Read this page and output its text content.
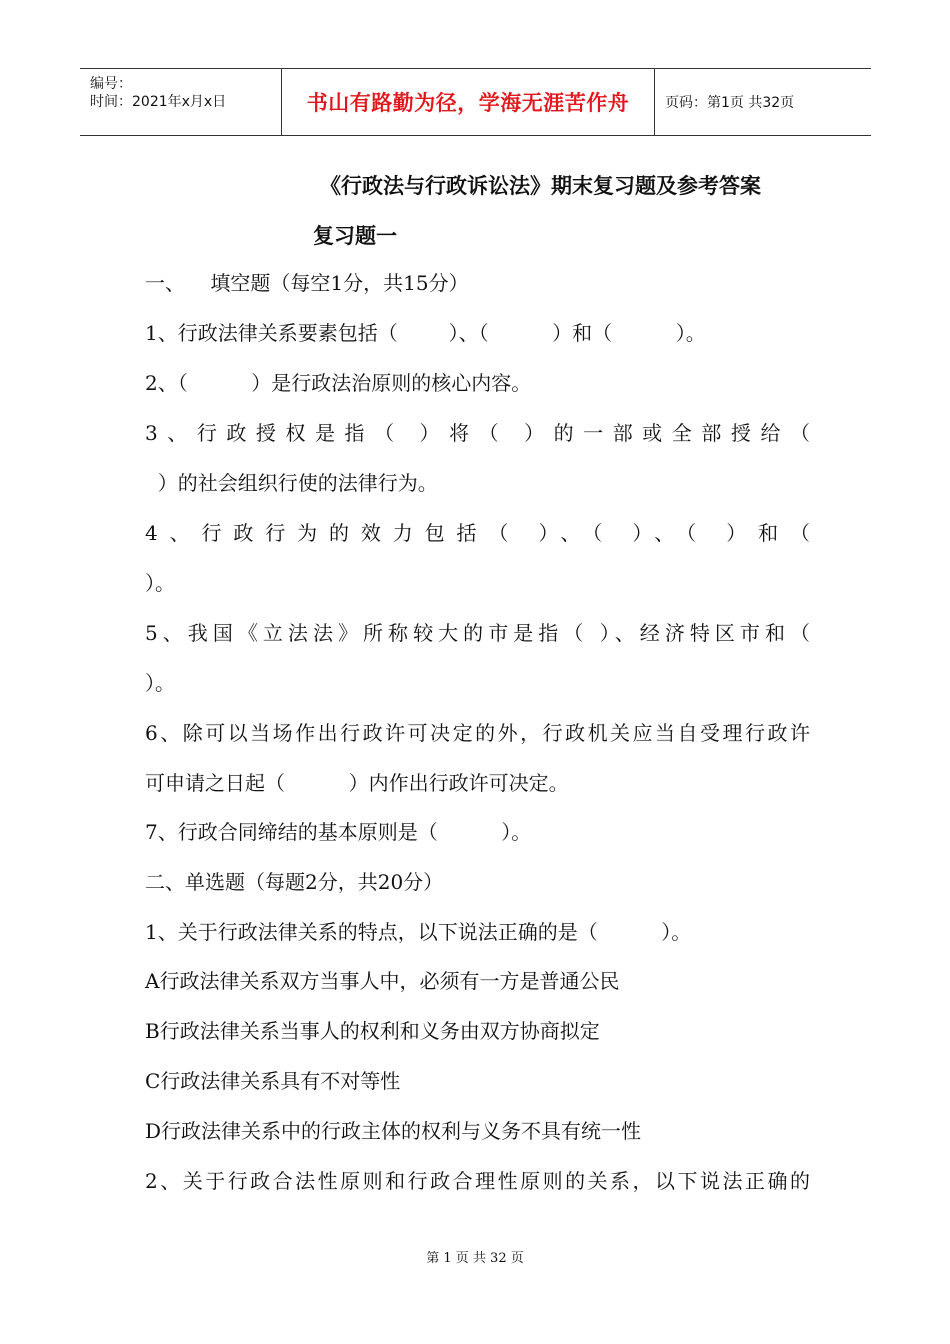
编号：
时间：2021年x月x日	书山有路勤为径，学海无涯苦作舟	页码：第1页 共32页
《行政法与行政诉讼法》期末复习题及参考答案
复习题一
一、    填空题（每空1分，共15分）
1、行政法律关系要素包括（        ）、（          ）和（          ）。
2、（          ）是行政法治原则的核心内容。
3、行政授权是指（ ）将（ ）的一部或全部授给（
）的社会组织行使的法律行为。
4、行政行为的效力包括（ ）、（ ）、（ ）和（
）。
5、我国《立法法》所称较大的市是指（ ）、经济特区市和（
）。
6、除可以当场作出行政许可决定的外，行政机关应当自受理行政许
可申请之日起（          ）内作出行政许可决定。
7、行政合同缔结的基本原则是（          ）。
二、单选题（每题2分，共20分）
1、关于行政法律关系的特点，以下说法正确的是（          ）。
A行政法律关系双方当事人中，必须有一方是普通公民
B行政法律关系当事人的权利和义务由双方协商拟定
C行政法律关系具有不对等性
D行政法律关系中的行政主体的权利与义务不具有统一性
2、关于行政合法性原则和行政合理性原则的关系，以下说法正确的
第 1 页 共 32 页
